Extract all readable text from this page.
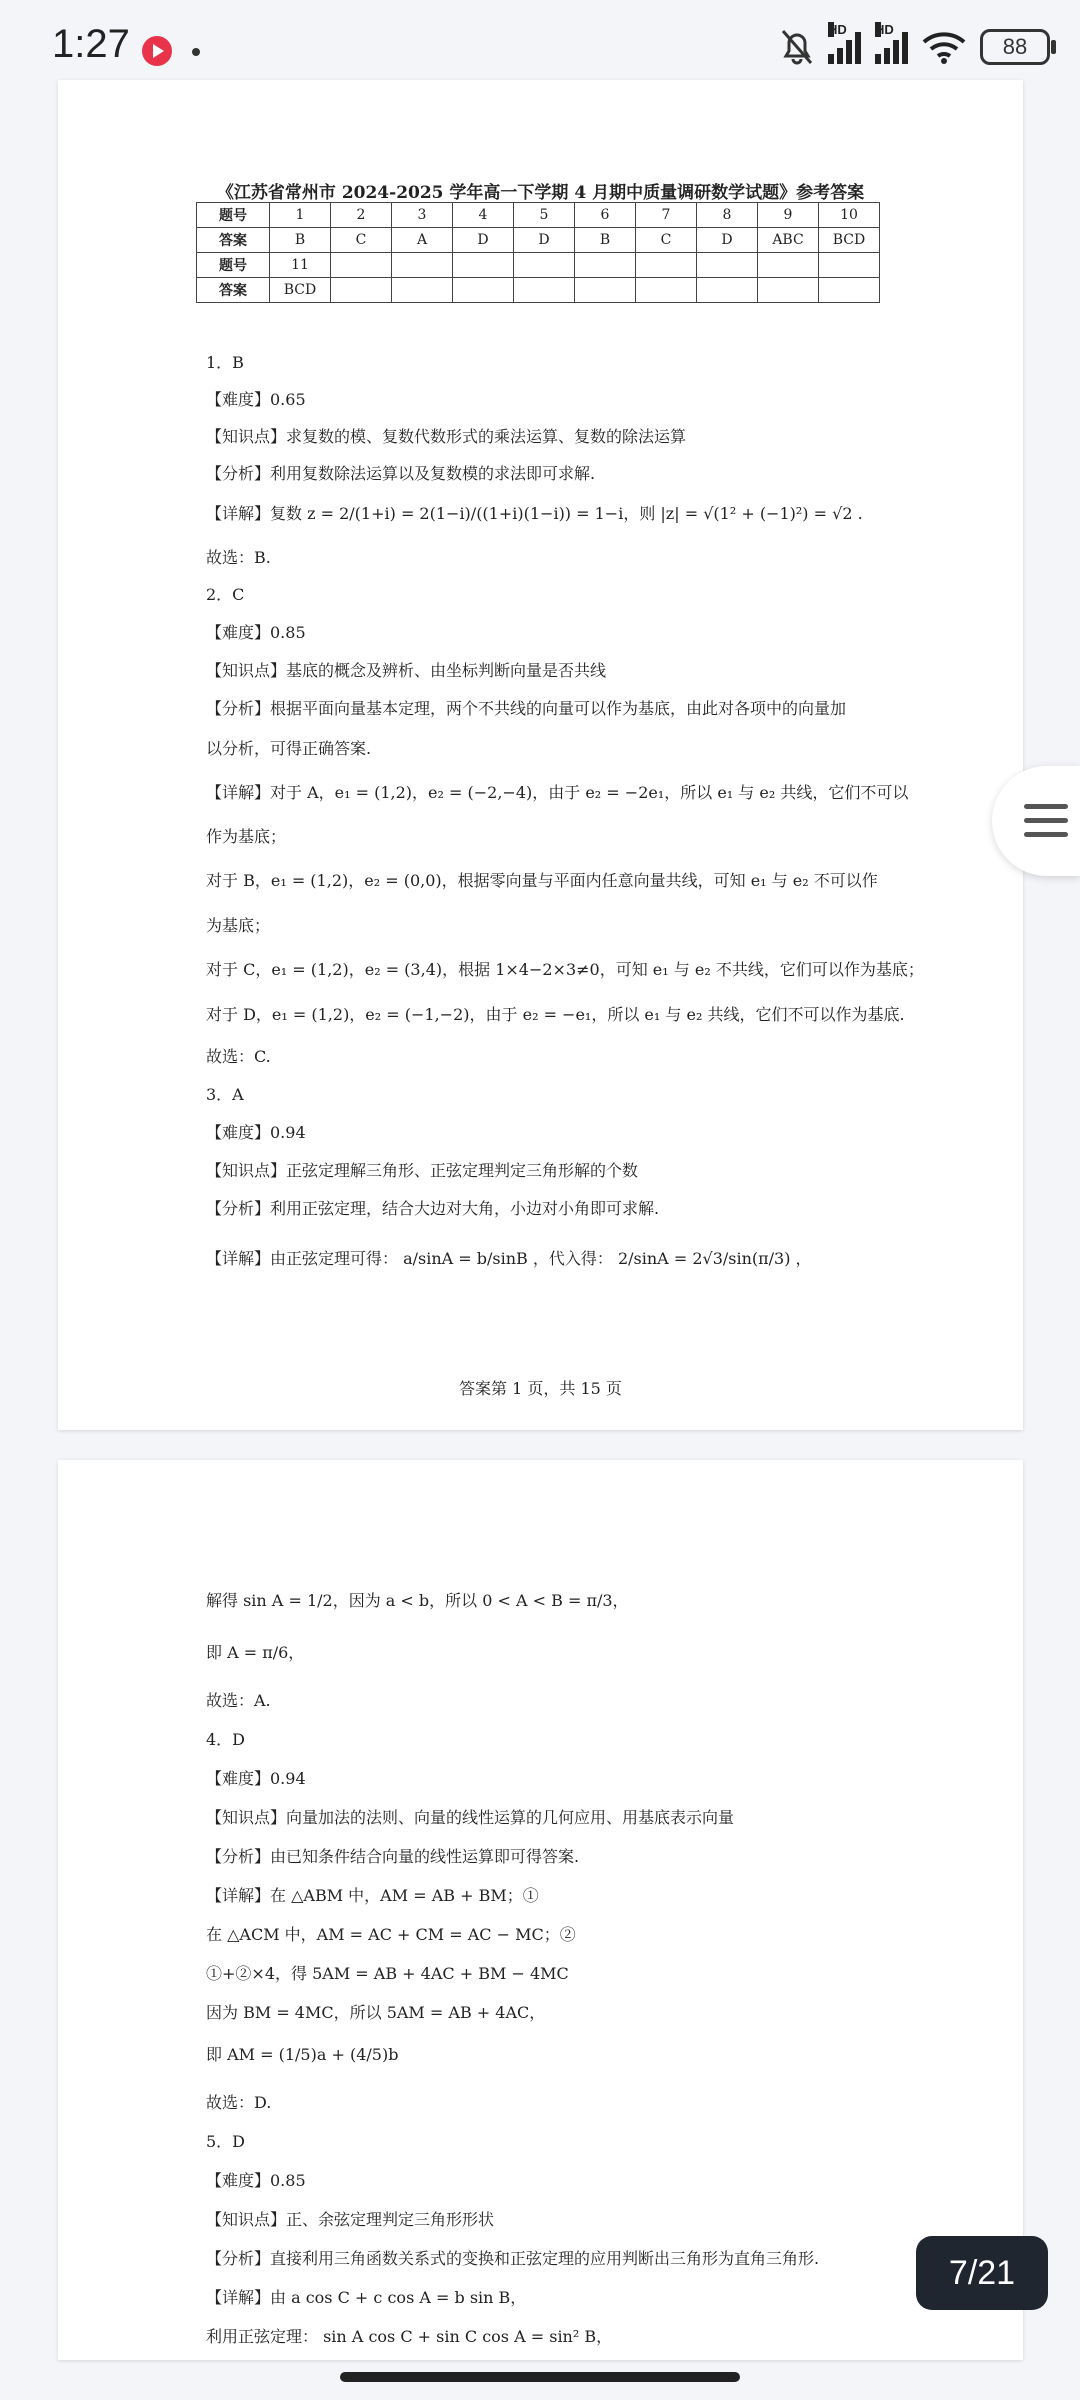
1:27	HD HD
88
《江苏省常州市 2024-2025 学年高一下学期 4 月期中质量调研数学试题》参考答案
题号	1	2	3	4	5	6	7	8	9	10
答案	B	C	A	D	D	B	C	D	ABC	BCD
题号	11									
答案	BCD									
1．B
【难度】0.65
【知识点】求复数的模、复数代数形式的乘法运算、复数的除法运算
【分析】利用复数除法运算以及复数模的求法即可求解.
【详解】复数 z = 2/(1+i) = 2(1−i)/((1+i)(1−i)) = 1−i，则 |z| = √(1² + (−1)²) = √2 .
故选：B.
2．C
【难度】0.85
【知识点】基底的概念及辨析、由坐标判断向量是否共线
【分析】根据平面向量基本定理，两个不共线的向量可以作为基底，由此对各项中的向量加
以分析，可得正确答案.
【详解】对于 A，e₁ = (1,2)，e₂ = (−2,−4)，由于 e₂ = −2e₁，所以 e₁ 与 e₂ 共线，它们不可以
作为基底；
对于 B，e₁ = (1,2)，e₂ = (0,0)，根据零向量与平面内任意向量共线，可知 e₁ 与 e₂ 不可以作
为基底；
对于 C，e₁ = (1,2)，e₂ = (3,4)，根据 1×4−2×3≠0，可知 e₁ 与 e₂ 不共线，它们可以作为基底；
对于 D，e₁ = (1,2)，e₂ = (−1,−2)，由于 e₂ = −e₁，所以 e₁ 与 e₂ 共线，它们不可以作为基底.
故选：C.
3．A
【难度】0.94
【知识点】正弦定理解三角形、正弦定理判定三角形解的个数
【分析】利用正弦定理，结合大边对大角，小边对小角即可求解.
【详解】由正弦定理可得： a/sinA = b/sinB ，代入得： 2/sinA = 2√3/sin(π/3) ，
答案第 1 页，共 15 页
解得 sin A = 1/2，因为 a < b，所以 0 < A < B = π/3，
即 A = π/6，
故选：A.
4．D
【难度】0.94
【知识点】向量加法的法则、向量的线性运算的几何应用、用基底表示向量
【分析】由已知条件结合向量的线性运算即可得答案.
【详解】在 △ABM 中，AM = AB + BM；①
在 △ACM 中，AM = AC + CM = AC − MC；②
①+②×4，得 5AM = AB + 4AC + BM − 4MC
因为 BM = 4MC，所以 5AM = AB + 4AC，
即 AM = (1/5)a + (4/5)b
故选：D.
5．D
【难度】0.85
【知识点】正、余弦定理判定三角形形状
【分析】直接利用三角函数关系式的变换和正弦定理的应用判断出三角形为直角三角形.
【详解】由 a cos C + c cos A = b sin B，
利用正弦定理： sin A cos C + sin C cos A = sin² B，
7/21
